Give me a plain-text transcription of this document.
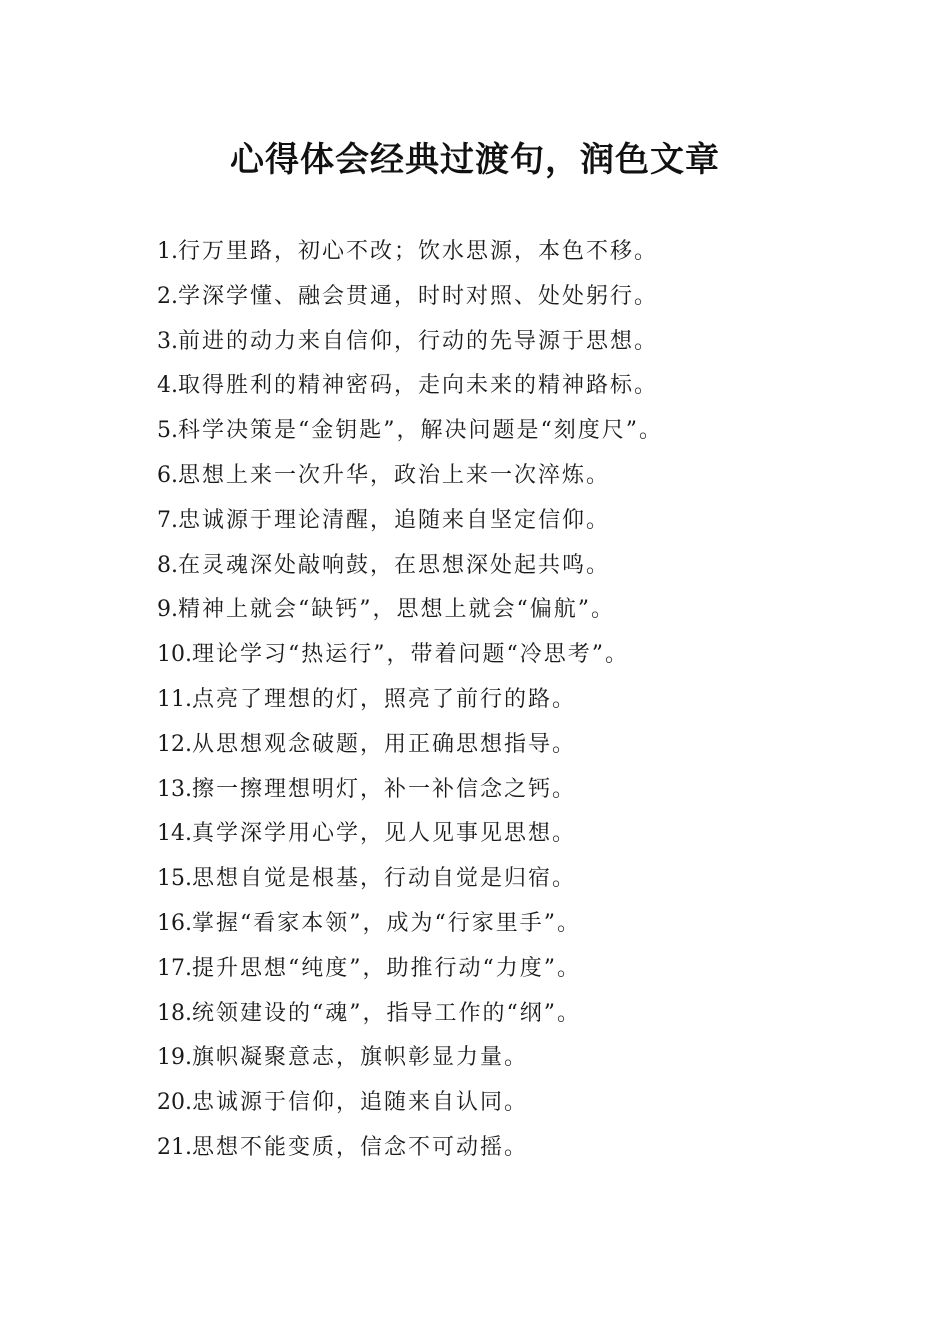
心得体会经典过渡句，润色文章
1.行万里路，初心不改；饮水思源，本色不移。
2.学深学懂、融会贯通，时时对照、处处躬行。
3.前进的动力来自信仰，行动的先导源于思想。
4.取得胜利的精神密码，走向未来的精神路标。
5.科学决策是“金钥匙”，解决问题是“刻度尺”。
6.思想上来一次升华，政治上来一次淬炼。
7.忠诚源于理论清醒，追随来自坚定信仰。
8.在灵魂深处敲响鼓，在思想深处起共鸣。
9.精神上就会“缺钙”，思想上就会“偏航”。
10.理论学习“热运行”，带着问题“冷思考”。
11.点亮了理想的灯，照亮了前行的路。
12.从思想观念破题，用正确思想指导。
13.擦一擦理想明灯，补一补信念之钙。
14.真学深学用心学，见人见事见思想。
15.思想自觉是根基，行动自觉是归宿。
16.掌握“看家本领”，成为“行家里手”。
17.提升思想“纯度”，助推行动“力度”。
18.统领建设的“魂”，指导工作的“纲”。
19.旗帜凝聚意志，旗帜彰显力量。
20.忠诚源于信仰，追随来自认同。
21.思想不能变质，信念不可动摇。
